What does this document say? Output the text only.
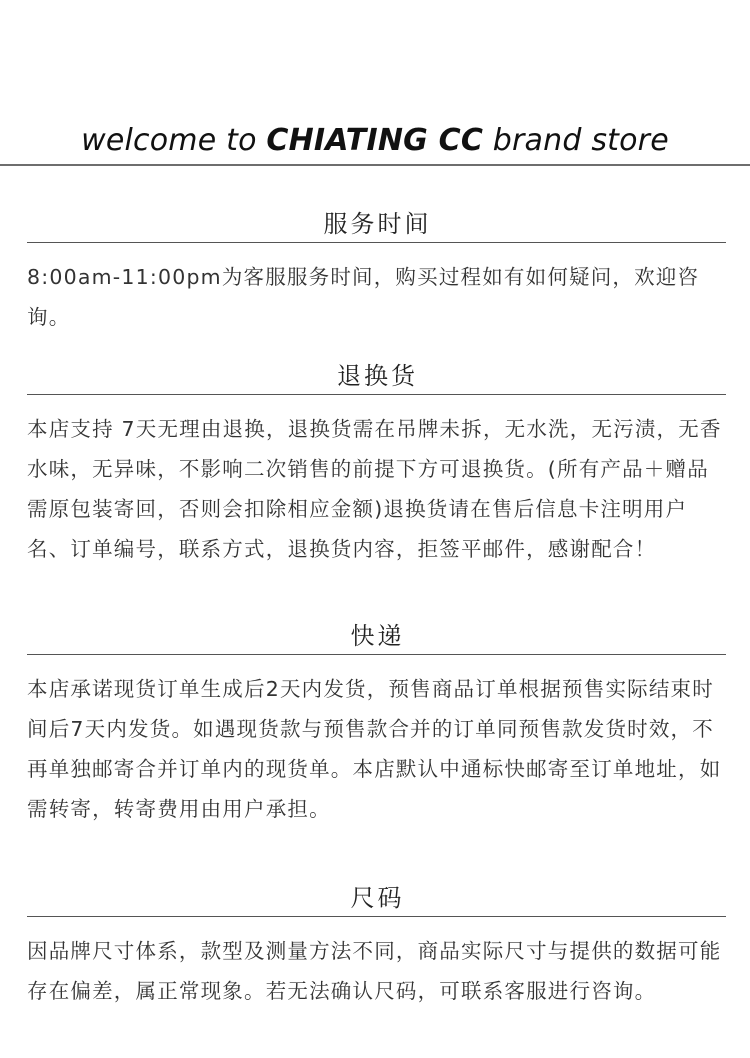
welcome to CHIATING CC brand store
服务时间
8:00am-11:00pm为客服服务时间，购买过程如有如何疑问，欢迎咨询。
退换货
本店支持 7天无理由退换，退换货需在吊牌未拆，无水洗，无污渍，无香水味，无异味，不影响二次销售的前提下方可退换货。(所有产品＋赠品需原包装寄回，否则会扣除相应金额)退换货请在售后信息卡注明用户名、订单编号，联系方式，退换货内容，拒签平邮件，感谢配合！
快递
本店承诺现货订单生成后2天内发货，预售商品订单根据预售实际结束时间后7天内发货。如遇现货款与预售款合并的订单同预售款发货时效，不再单独邮寄合并订单内的现货单。本店默认中通标快邮寄至订单地址，如需转寄，转寄费用由用户承担。
尺码
因品牌尺寸体系，款型及测量方法不同，商品实际尺寸与提供的数据可能存在偏差，属正常现象。若无法确认尺码，可联系客服进行咨询。
